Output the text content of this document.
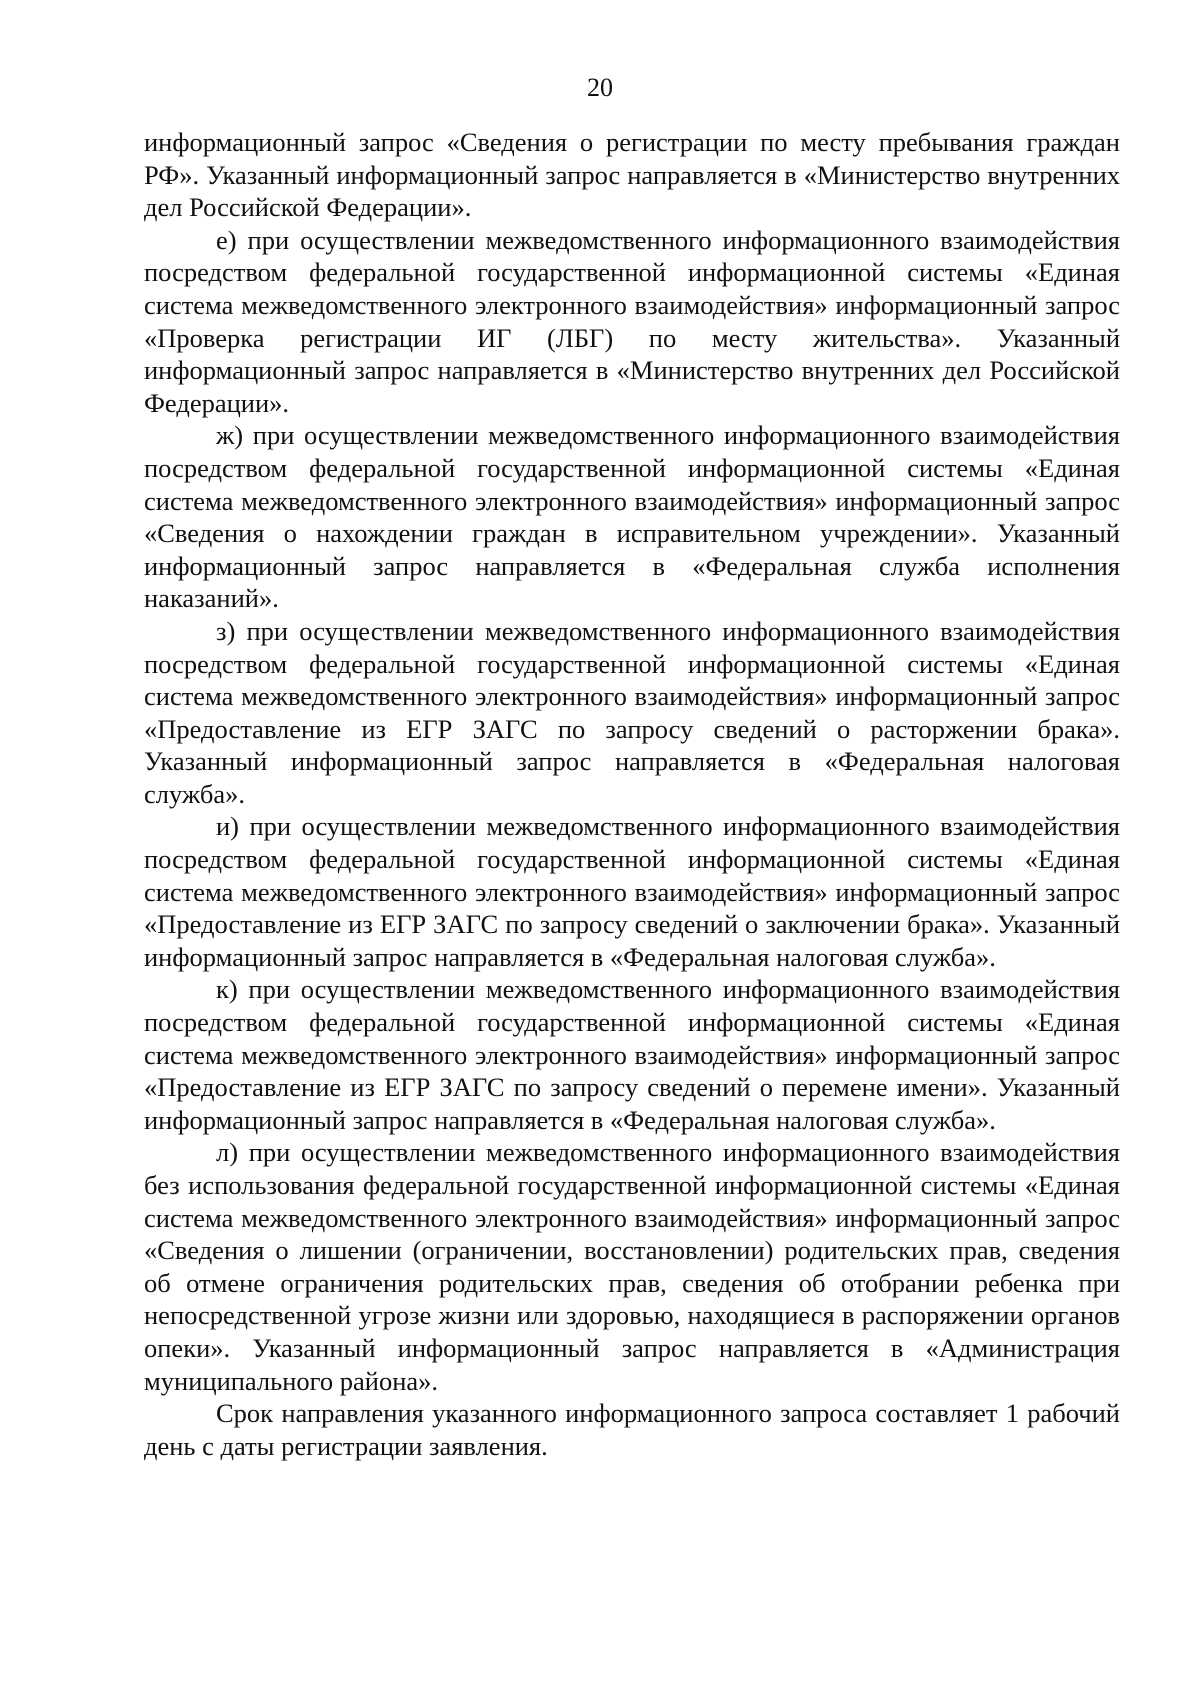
20

информационный запрос «Сведения о регистрации по месту пребывания граждан РФ». Указанный информационный запрос направляется в «Министерство внутренних дел Российской Федерации».

е) при осуществлении межведомственного информационного взаимодействия посредством федеральной государственной информационной системы «Единая система межведомственного электронного взаимодействия» информационный запрос «Проверка регистрации ИГ (ЛБГ) по месту жительства». Указанный информационный запрос направляется в «Министерство внутренних дел Российской Федерации».

ж) при осуществлении межведомственного информационного взаимодействия посредством федеральной государственной информационной системы «Единая система межведомственного электронного взаимодействия» информационный запрос «Сведения о нахождении граждан в исправительном учреждении». Указанный информационный запрос направляется в «Федеральная служба исполнения наказаний».

з) при осуществлении межведомственного информационного взаимодействия посредством федеральной государственной информационной системы «Единая система межведомственного электронного взаимодействия» информационный запрос «Предоставление из ЕГР ЗАГС по запросу сведений о расторжении брака». Указанный информационный запрос направляется в «Федеральная налоговая служба».

и) при осуществлении межведомственного информационного взаимодействия посредством федеральной государственной информационной системы «Единая система межведомственного электронного взаимодействия» информационный запрос «Предоставление из ЕГР ЗАГС по запросу сведений о заключении брака». Указанный информационный запрос направляется в «Федеральная налоговая служба».

к) при осуществлении межведомственного информационного взаимодействия посредством федеральной государственной информационной системы «Единая система межведомственного электронного взаимодействия» информационный запрос «Предоставление из ЕГР ЗАГС по запросу сведений о перемене имени». Указанный информационный запрос направляется в «Федеральная налоговая служба».

л) при осуществлении межведомственного информационного взаимодействия без использования федеральной государственной информационной системы «Единая система межведомственного электронного взаимодействия» информационный запрос «Сведения о лишении (ограничении, восстановлении) родительских прав, сведения об отмене ограничения родительских прав, сведения об отобрании ребенка при непосредственной угрозе жизни или здоровью, находящиеся в распоряжении органов опеки». Указанный информационный запрос направляется в «Администрация муниципального района».

Срок направления указанного информационного запроса составляет 1 рабочий день с даты регистрации заявления.
